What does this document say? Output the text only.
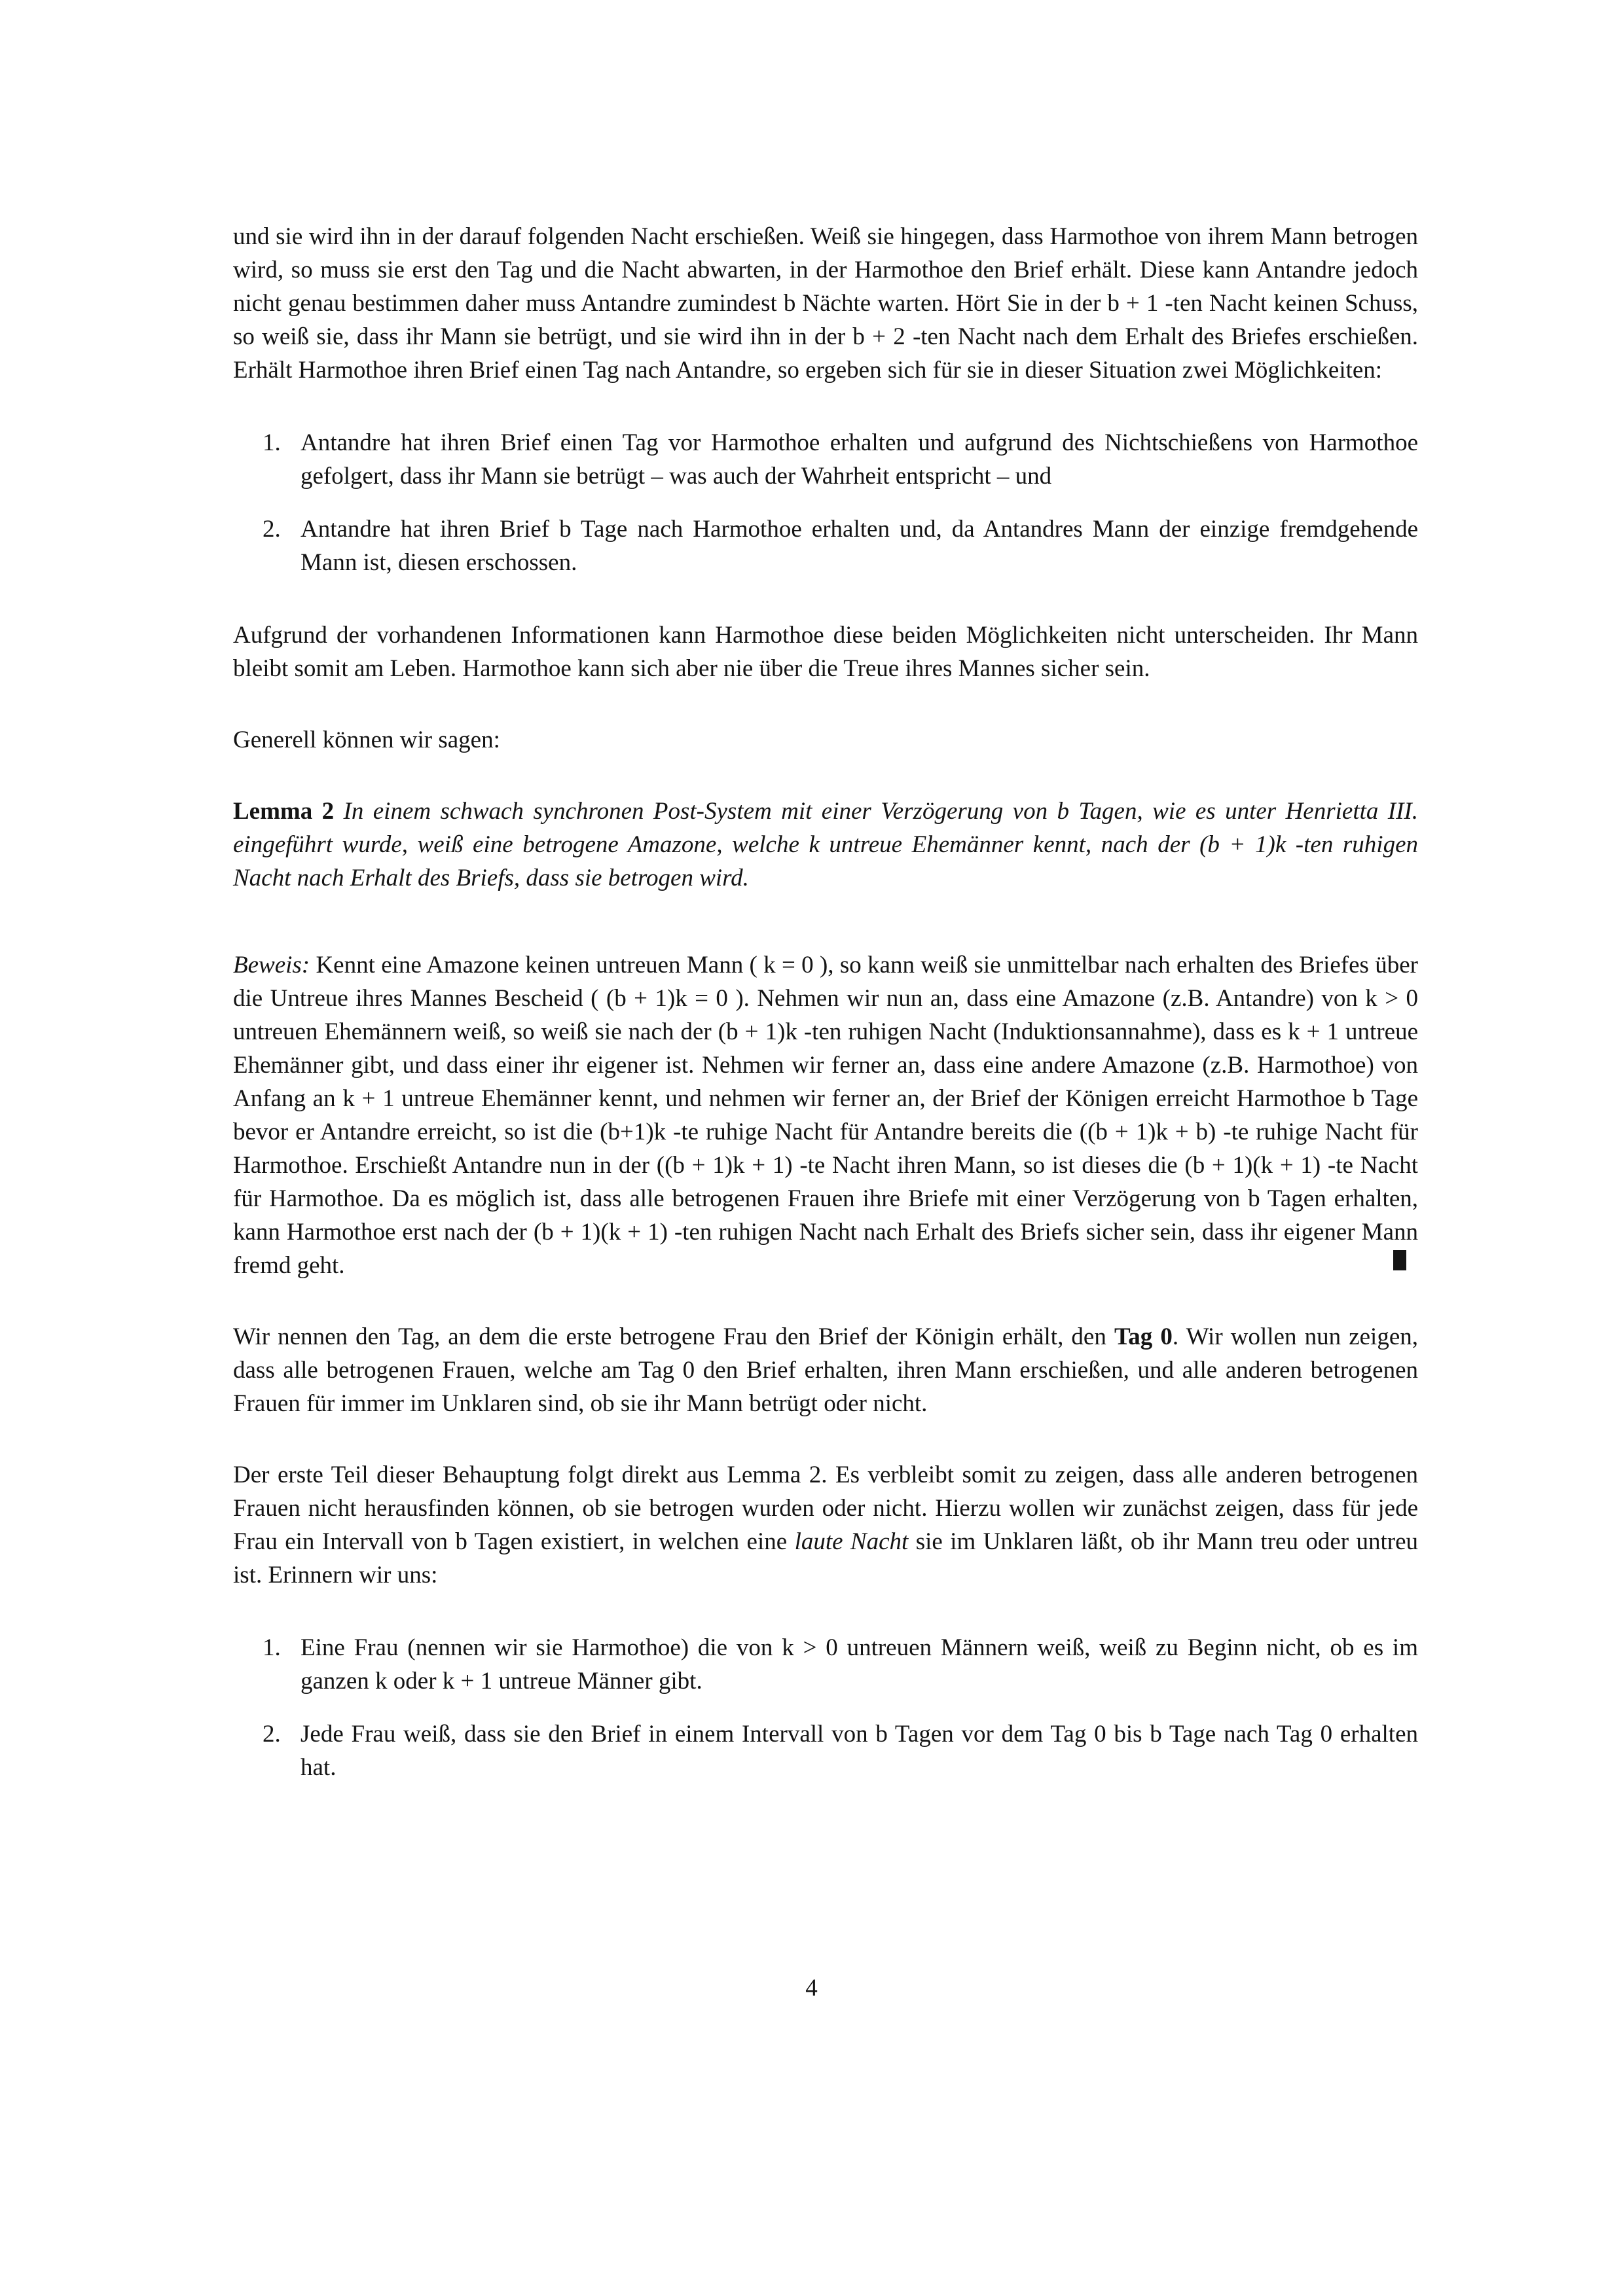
und sie wird ihn in der darauf folgenden Nacht erschießen. Weiß sie hingegen, dass Harmothoe von ihrem Mann betrogen wird, so muss sie erst den Tag und die Nacht abwarten, in der Harmothoe den Brief erhält. Diese kann Antandre jedoch nicht genau bestimmen daher muss Antandre zumindest b Nächte warten. Hört Sie in der b + 1 -ten Nacht keinen Schuss, so weiß sie, dass ihr Mann sie betrügt, und sie wird ihn in der b + 2 -ten Nacht nach dem Erhalt des Briefes erschießen. Erhält Harmothoe ihren Brief einen Tag nach Antandre, so ergeben sich für sie in dieser Situation zwei Möglichkeiten:

1. Antandre hat ihren Brief einen Tag vor Harmothoe erhalten und aufgrund des Nichtschießens von Harmothoe gefolgert, dass ihr Mann sie betrügt – was auch der Wahrheit entspricht – und
2. Antandre hat ihren Brief b Tage nach Harmothoe erhalten und, da Antandres Mann der einzige fremdgehende Mann ist, diesen erschossen.

Aufgrund der vorhandenen Informationen kann Harmothoe diese beiden Möglichkeiten nicht unterscheiden. Ihr Mann bleibt somit am Leben. Harmothoe kann sich aber nie über die Treue ihres Mannes sicher sein.

Generell können wir sagen:

Lemma 2 In einem schwach synchronen Post-System mit einer Verzögerung von b Tagen, wie es unter Henrietta III. eingeführt wurde, weiß eine betrogene Amazone, welche k untreue Ehemänner kennt, nach der (b + 1)k -ten ruhigen Nacht nach Erhalt des Briefs, dass sie betrogen wird.

Beweis: Kennt eine Amazone keinen untreuen Mann ( k = 0 ), so kann weiß sie unmittelbar nach erhalten des Briefes über die Untreue ihres Mannes Bescheid ( (b + 1)k = 0 ). Nehmen wir nun an, dass eine Amazone (z.B. Antandre) von k > 0 untreuen Ehemännern weiß, so weiß sie nach der (b + 1)k -ten ruhigen Nacht (Induktionsannahme), dass es k + 1 untreue Ehemänner gibt, und dass einer ihr eigener ist. Nehmen wir ferner an, dass eine andere Amazone (z.B. Harmothoe) von Anfang an k + 1 untreue Ehemänner kennt, und nehmen wir ferner an, der Brief der Königen erreicht Harmothoe b Tage bevor er Antandre erreicht, so ist die (b+1)k -te ruhige Nacht für Antandre bereits die ((b + 1)k + b) -te ruhige Nacht für Harmothoe. Erschießt Antandre nun in der ((b + 1)k + 1) -te Nacht ihren Mann, so ist dieses die (b + 1)(k + 1) -te Nacht für Harmothoe. Da es möglich ist, dass alle betrogenen Frauen ihre Briefe mit einer Verzögerung von b Tagen erhalten, kann Harmothoe erst nach der (b + 1)(k + 1) -ten ruhigen Nacht nach Erhalt des Briefs sicher sein, dass ihr eigener Mann fremd geht.

Wir nennen den Tag, an dem die erste betrogene Frau den Brief der Königin erhält, den Tag 0. Wir wollen nun zeigen, dass alle betrogenen Frauen, welche am Tag 0 den Brief erhalten, ihren Mann erschießen, und alle anderen betrogenen Frauen für immer im Unklaren sind, ob sie ihr Mann betrügt oder nicht.

Der erste Teil dieser Behauptung folgt direkt aus Lemma 2. Es verbleibt somit zu zeigen, dass alle anderen betrogenen Frauen nicht herausfinden können, ob sie betrogen wurden oder nicht. Hierzu wollen wir zunächst zeigen, dass für jede Frau ein Intervall von b Tagen existiert, in welchen eine laute Nacht sie im Unklaren läßt, ob ihr Mann treu oder untreu ist. Erinnern wir uns:

1. Eine Frau (nennen wir sie Harmothoe) die von k > 0 untreuen Männern weiß, weiß zu Beginn nicht, ob es im ganzen k oder k + 1 untreue Männer gibt.
2. Jede Frau weiß, dass sie den Brief in einem Intervall von b Tagen vor dem Tag 0 bis b Tage nach Tag 0 erhalten hat.
4
